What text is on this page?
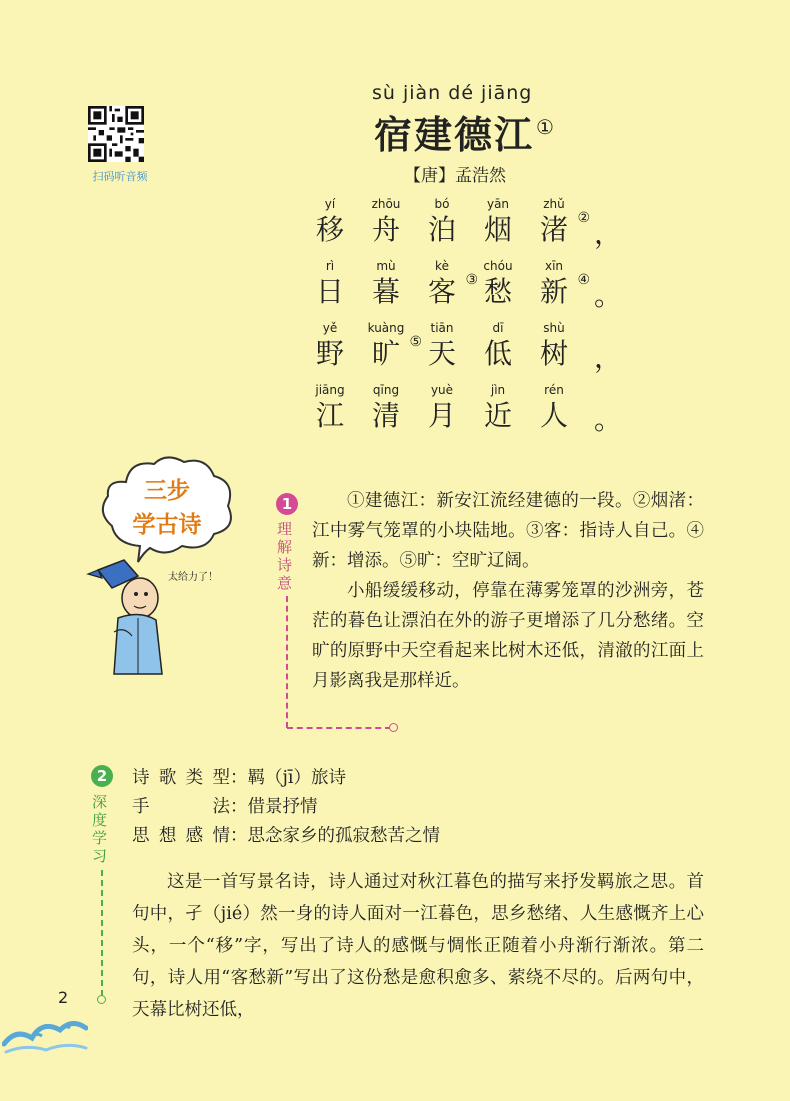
扫码听音频
sù jiàn dé jiāng
宿建德江 ①
【唐】孟浩然
yí
移
zhōu
舟
bó
泊
yān
烟
zhǔ
渚 ② ，
rì
日
mù
暮
kè
客 ③
chóu
愁
xīn
新 ④ 。
yě
野
kuàng
旷 ⑤
tiān
天
dī
低
shù
树 ，
jiāng
江
qīng
清
yuè
月
jìn
近
rén
人 。
三步
学古诗
太给力了！
1
理解诗意

①建德江：新安江流经建德的一段。②烟渚：江中雾气笼罩的小块陆地。③客：指诗人自己。④新：增添。⑤旷：空旷辽阔。

小船缓缓移动，停靠在薄雾笼罩的沙洲旁，苍茫的暮色让漂泊在外的游子更增添了几分愁绪。空旷的原野中天空看起来比树木还低，清澈的江面上月影离我是那样近。

2
深度学习
诗歌类型：羁（jī）旅诗
手法：借景抒情
思想感情：思念家乡的孤寂愁苦之情

这是一首写景名诗，诗人通过对秋江暮色的描写来抒发羁旅之思。首句中，孑（jié）然一身的诗人面对一江暮色，思乡愁绪、人生感慨齐上心头，一个“移”字，写出了诗人的感慨与惆怅正随着小舟渐行渐浓。第二句，诗人用“客愁新”写出了这份愁是愈积愈多、萦绕不尽的。后两句中，天幕比树还低，

2
